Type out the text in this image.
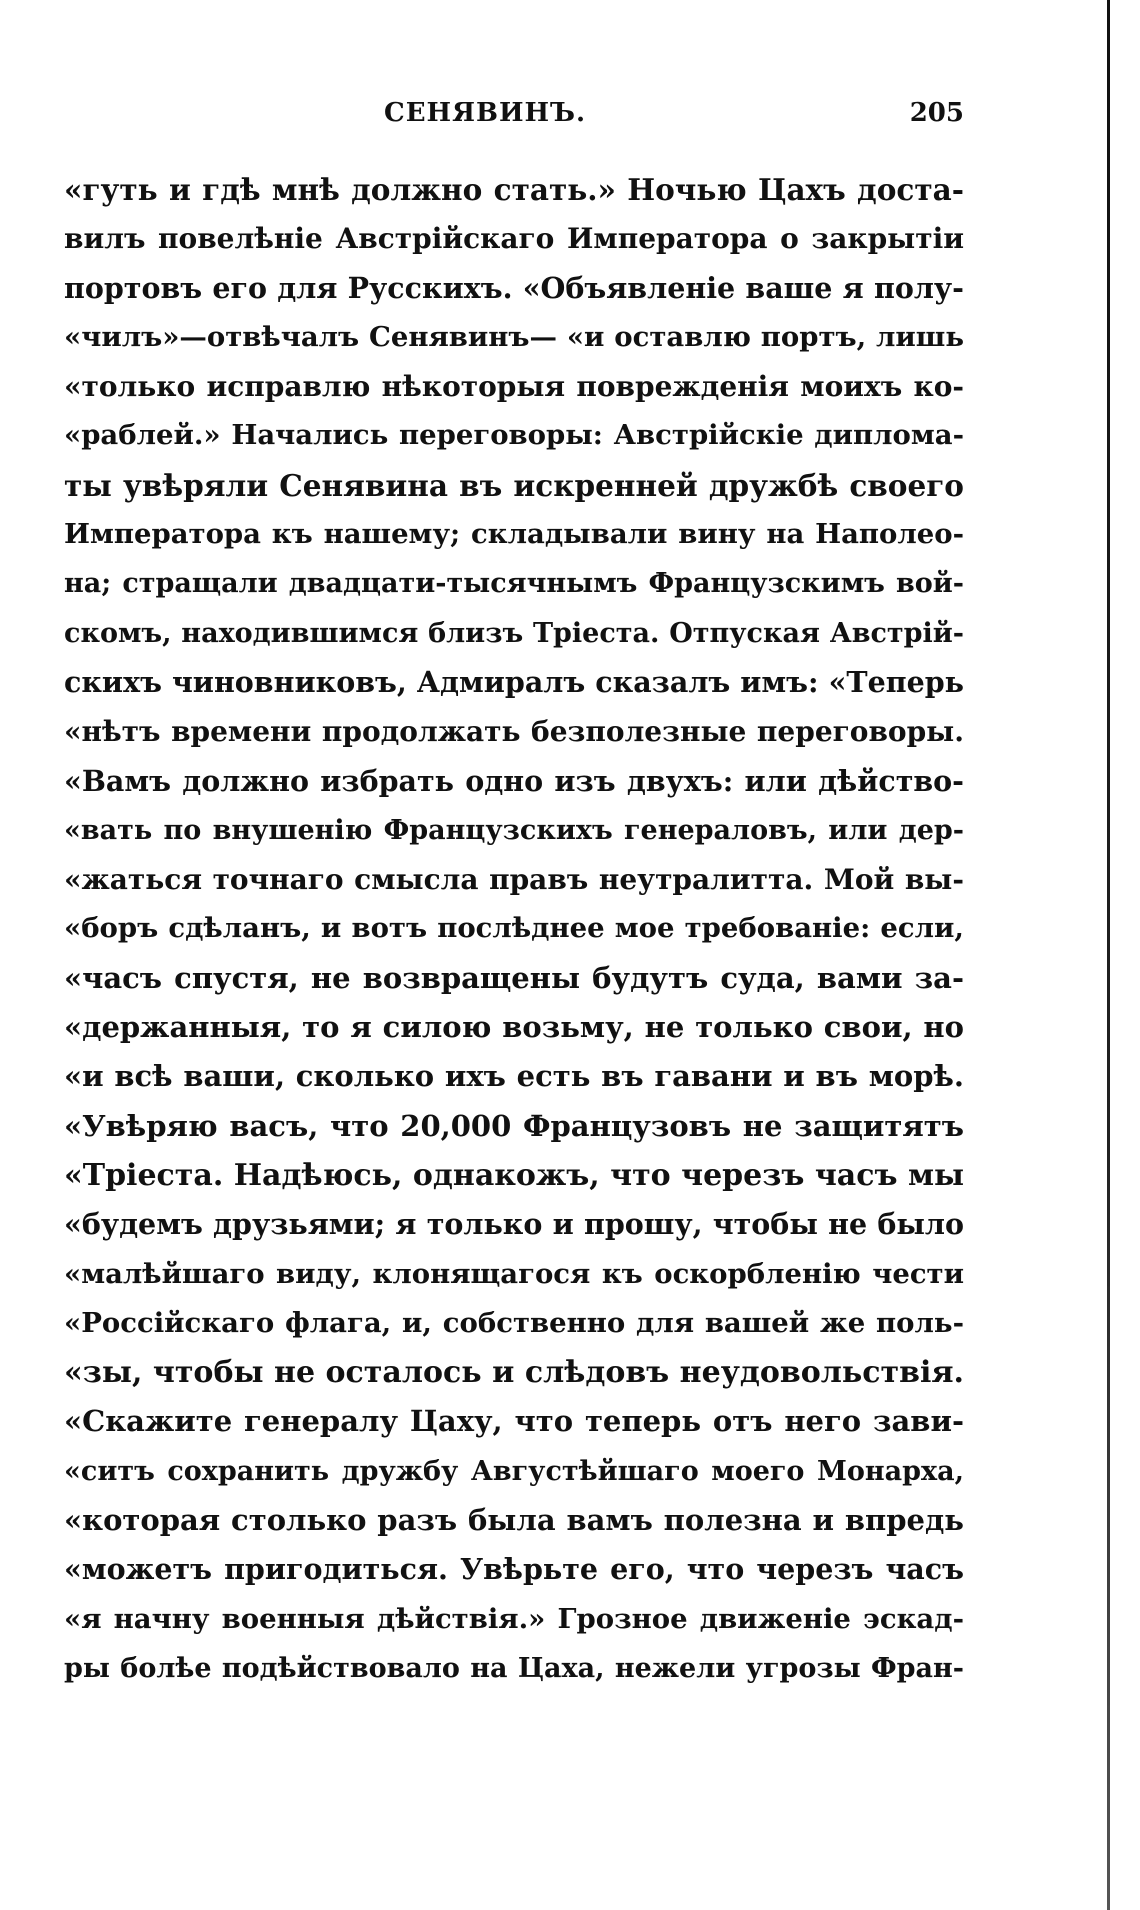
СЕНЯВИНЪ.	205
«гуть и гдѣ мнѣ должно стать.» Ночью Цахъ доста-
вилъ повелѣніе Австрійскаго Императора о закрытіи
портовъ его для Русскихъ. «Объявленіе ваше я полу-
«чилъ»—отвѣчалъ Сенявинъ— «и оставлю портъ, лишь
«только исправлю нѣкоторыя поврежденія моихъ ко-
«раблей.» Начались переговоры: Австрійскіе диплома-
ты увѣряли Сенявина въ искренней дружбѣ своего
Императора къ нашему; складывали вину на Наполео-
на; стращали двадцати-тысячнымъ Французскимъ вой-
скомъ, находившимся близъ Тріеста. Отпуская Австрій-
скихъ чиновниковъ, Адмиралъ сказалъ имъ: «Теперь
«нѣтъ времени продолжать безполезные переговоры.
«Вамъ должно избрать одно изъ двухъ: или дѣйство-
«вать по внушенію Французскихъ генераловъ, или дер-
«жаться точнаго смысла правъ неутралитта. Мой вы-
«боръ сдѣланъ, и вотъ послѣднее мое требованіе: если,
«часъ спустя, не возвращены будутъ суда, вами за-
«держанныя, то я силою возьму, не только свои, но
«и всѣ ваши, сколько ихъ есть въ гавани и въ морѣ.
«Увѣряю васъ, что 20,000 Французовъ не защитятъ
«Тріеста. Надѣюсь, однакожъ, что черезъ часъ мы
«будемъ друзьями; я только и прошу, чтобы не было
«малѣйшаго виду, клонящагося къ оскорбленію чести
«Россійскаго флага, и, собственно для вашей же поль-
«зы, чтобы не осталось и слѣдовъ неудовольствія.
«Скажите генералу Цаху, что теперь отъ него зави-
«ситъ сохранить дружбу Августѣйшаго моего Монарха,
«которая столько разъ была вамъ полезна и впредь
«можетъ пригодиться. Увѣрьте его, что черезъ часъ
«я начну военныя дѣйствія.» Грозное движеніе эскад-
ры болѣе подѣйствовало на Цаха, нежели угрозы Фран-
